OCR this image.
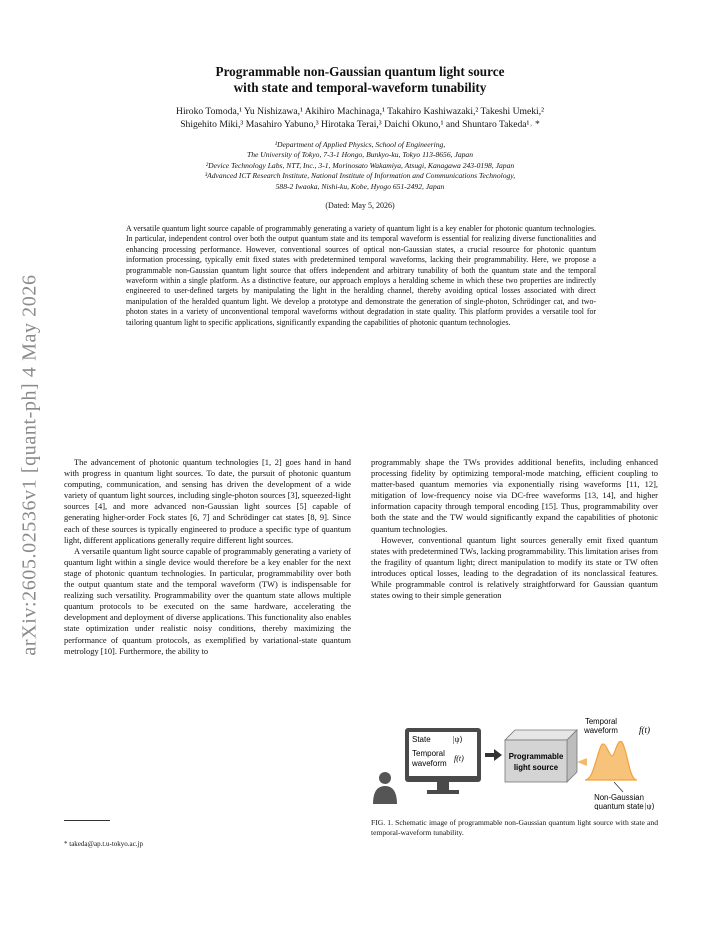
arXiv:2605.02536v1 [quant-ph] 4 May 2026
Programmable non-Gaussian quantum light source
with state and temporal-waveform tunability
Hiroko Tomoda,¹ Yu Nishizawa,¹ Akihiro Machinaga,¹ Takahiro Kashiwazaki,² Takeshi Umeki,²
Shigehito Miki,³ Masahiro Yabuno,³ Hirotaka Terai,³ Daichi Okuno,¹ and Shuntaro Takeda¹˒ *
¹Department of Applied Physics, School of Engineering,
The University of Tokyo, 7-3-1 Hongo, Bunkyo-ku, Tokyo 113-8656, Japan
²Device Technology Labs, NTT, Inc., 3-1, Morinosato Wakamiya, Atsugi, Kanagawa 243-0198, Japan
³Advanced ICT Research Institute, National Institute of Information and Communications Technology,
588-2 Iwaoka, Nishi-ku, Kobe, Hyogo 651-2492, Japan
(Dated: May 5, 2026)
A versatile quantum light source capable of programmably generating a variety of quantum light is a key enabler for photonic quantum technologies. In particular, independent control over both the output quantum state and its temporal waveform is essential for realizing diverse functionalities and enhancing processing performance. However, conventional sources of optical non-Gaussian states, a crucial resource for photonic quantum information processing, typically emit fixed states with predetermined temporal waveforms, lacking their programmability. Here, we propose a programmable non-Gaussian quantum light source that offers independent and arbitrary tunability of both the quantum state and the temporal waveform within a single platform. As a distinctive feature, our approach employs a heralding scheme in which these two properties are indirectly engineered to user-defined targets by manipulating the light in the heralding channel, thereby avoiding optical losses associated with direct manipulation of the heralded quantum light. We develop a prototype and demonstrate the generation of single-photon, Schrödinger cat, and two-photon states in a variety of unconventional temporal waveforms without degradation in state quality. This platform provides a versatile tool for tailoring quantum light to specific applications, significantly expanding the capabilities of photonic quantum technologies.

The advancement of photonic quantum technologies [1, 2] goes hand in hand with progress in quantum light sources. To date, the pursuit of photonic quantum computing, communication, and sensing has driven the development of a wide variety of quantum light sources, including single-photon sources [3], squeezed-light sources [4], and more advanced non-Gaussian light sources [5] capable of generating higher-order Fock states [6, 7] and Schrödinger cat states [8, 9]. Since each of these sources is typically engineered to produce a specific type of quantum light, different applications generally require different light sources.

A versatile quantum light source capable of programmably generating a variety of quantum light within a single device would therefore be a key enabler for the next stage of photonic quantum technologies. In particular, programmability over both the output quantum state and the temporal waveform (TW) is indispensable for realizing such versatility. Programmability over the quantum state allows multiple quantum protocols to be executed on the same hardware, accelerating the development and deployment of diverse applications. This functionality also enables state optimization under realistic noisy conditions, thereby maximizing the performance of quantum protocols, as exemplified by variational-state quantum metrology [10]. Furthermore, the ability to

programmably shape the TWs provides additional benefits, including enhanced processing fidelity by optimizing temporal-mode matching, efficient coupling to matter-based quantum memories via exponentially rising waveforms [11, 12], mitigation of low-frequency noise via DC-free waveforms [13, 14], and higher information capacity through temporal encoding [15]. Thus, programmability over both the state and the TW would significantly expand the capabilities of photonic quantum technologies.

However, conventional quantum light sources generally emit fixed quantum states with predetermined TWs, lacking programmability. This limitation arises from the fragility of quantum light; direct manipulation to modify its state or TW often introduces optical losses, leading to the degradation of its nonclassical features. While programmable control is relatively straightforward for Gaussian quantum states owing to their simple generation

State	|ψ⟩
Temporal
waveform
f(t)	Programmable
light source
Temporal
waveform f(t)
Non-Gaussian
quantum state |ψ⟩
FIG. 1. Schematic image of programmable non-Gaussian quantum light source with state and temporal-waveform tunability.
* takeda@ap.t.u-tokyo.ac.jp
